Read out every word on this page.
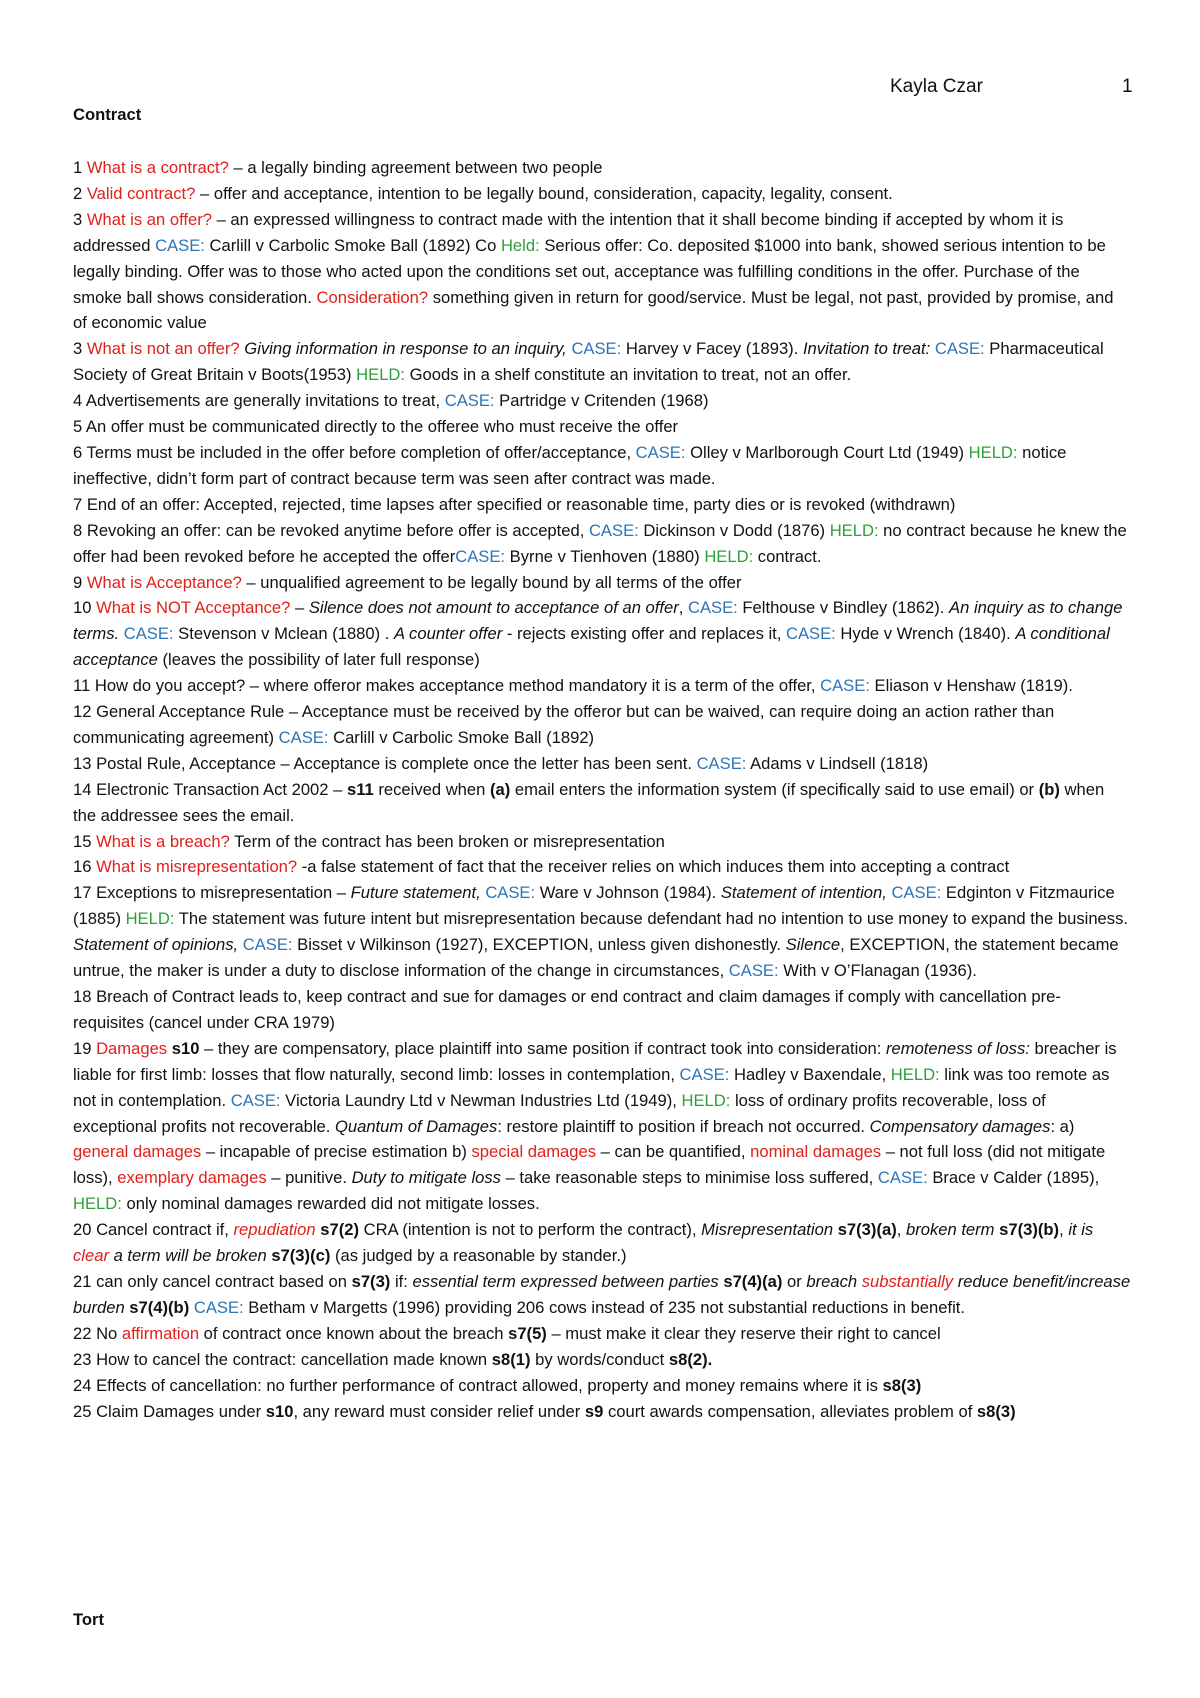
Kayla Czar	1
Contract
1 What is a contract? – a legally binding agreement between two people
2 Valid contract? – offer and acceptance, intention to be legally bound, consideration, capacity, legality, consent.
3 What is an offer? – an expressed willingness to contract made with the intention that it shall become binding if accepted by whom it is addressed CASE: Carlill v Carbolic Smoke Ball (1892) Co Held: Serious offer: Co. deposited $1000 into bank, showed serious intention to be legally binding. Offer was to those who acted upon the conditions set out, acceptance was fulfilling conditions in the offer. Purchase of the smoke ball shows consideration. Consideration? something given in return for good/service. Must be legal, not past, provided by promise, and of economic value
3 What is not an offer? Giving information in response to an inquiry, CASE: Harvey v Facey (1893). Invitation to treat: CASE: Pharmaceutical Society of Great Britain v Boots(1953) HELD: Goods in a shelf constitute an invitation to treat, not an offer.
4 Advertisements are generally invitations to treat, CASE: Partridge v Critenden (1968)
5 An offer must be communicated directly to the offeree who must receive the offer
6 Terms must be included in the offer before completion of offer/acceptance, CASE: Olley v Marlborough Court Ltd (1949) HELD: notice ineffective, didn’t form part of contract because term was seen after contract was made.
7 End of an offer: Accepted, rejected, time lapses after specified or reasonable time, party dies or is revoked (withdrawn)
8 Revoking an offer: can be revoked anytime before offer is accepted, CASE: Dickinson v Dodd (1876) HELD: no contract because he knew the offer had been revoked before he accepted the offerCASE: Byrne v Tienhoven (1880) HELD: contract.
9 What is Acceptance? – unqualified agreement to be legally bound by all terms of the offer
10 What is NOT Acceptance? – Silence does not amount to acceptance of an offer, CASE: Felthouse v Bindley (1862). An inquiry as to change terms. CASE: Stevenson v Mclean (1880) . A counter offer - rejects existing offer and replaces it, CASE: Hyde v Wrench (1840). A conditional acceptance (leaves the possibility of later full response)
11 How do you accept? – where offeror makes acceptance method mandatory it is a term of the offer, CASE: Eliason v Henshaw (1819).
12 General Acceptance Rule – Acceptance must be received by the offeror but can be waived, can require doing an action rather than communicating agreement) CASE: Carlill v Carbolic Smoke Ball (1892)
13 Postal Rule, Acceptance – Acceptance is complete once the letter has been sent. CASE: Adams v Lindsell (1818)
14 Electronic Transaction Act 2002 – s11 received when (a) email enters the information system (if specifically said to use email) or (b) when the addressee sees the email.
15 What is a breach? Term of the contract has been broken or misrepresentation
16 What is misrepresentation? -a false statement of fact that the receiver relies on which induces them into accepting a contract
17 Exceptions to misrepresentation – Future statement, CASE: Ware v Johnson (1984). Statement of intention, CASE: Edginton v Fitzmaurice (1885) HELD: The statement was future intent but misrepresentation because defendant had no intention to use money to expand the business. Statement of opinions, CASE: Bisset v Wilkinson (1927), EXCEPTION, unless given dishonestly. Silence, EXCEPTION, the statement became untrue, the maker is under a duty to disclose information of the change in circumstances, CASE: With v O’Flanagan (1936).
18 Breach of Contract leads to, keep contract and sue for damages or end contract and claim damages if comply with cancellation pre-requisites (cancel under CRA 1979)
19 Damages s10 – they are compensatory, place plaintiff into same position if contract took into consideration: remoteness of loss: breacher is liable for first limb: losses that flow naturally, second limb: losses in contemplation, CASE: Hadley v Baxendale, HELD: link was too remote as not in contemplation. CASE: Victoria Laundry Ltd v Newman Industries Ltd (1949), HELD: loss of ordinary profits recoverable, loss of exceptional profits not recoverable. Quantum of Damages: restore plaintiff to position if breach not occurred. Compensatory damages: a) general damages – incapable of precise estimation b) special damages – can be quantified, nominal damages – not full loss (did not mitigate loss), exemplary damages – punitive. Duty to mitigate loss – take reasonable steps to minimise loss suffered, CASE: Brace v Calder (1895), HELD: only nominal damages rewarded did not mitigate losses.
20 Cancel contract if, repudiation s7(2) CRA (intention is not to perform the contract), Misrepresentation s7(3)(a), broken term s7(3)(b), it is clear a term will be broken s7(3)(c) (as judged by a reasonable by stander.)
21 can only cancel contract based on s7(3) if: essential term expressed between parties s7(4)(a) or breach substantially reduce benefit/increase burden s7(4)(b) CASE: Betham v Margetts (1996) providing 206 cows instead of 235 not substantial reductions in benefit.
22 No affirmation of contract once known about the breach s7(5) – must make it clear they reserve their right to cancel
23 How to cancel the contract: cancellation made known s8(1) by words/conduct s8(2).
24 Effects of cancellation: no further performance of contract allowed, property and money remains where it is s8(3)
25 Claim Damages under s10, any reward must consider relief under s9 court awards compensation, alleviates problem of s8(3)
Tort
